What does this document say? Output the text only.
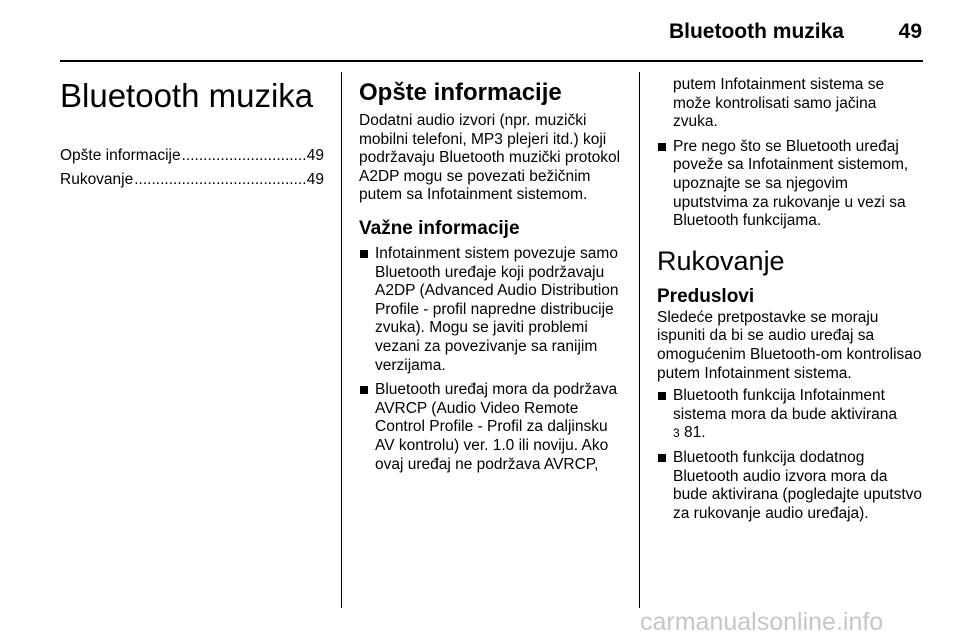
Bluetooth muzika	49
Bluetooth muzika
Opšte informacije .....	49
Rukovanje .....	49
Opšte informacije

Dodatni audio izvori (npr. muzički mobilni telefoni, MP3 plejeri itd.) koji podržavaju Bluetooth muzički protokol A2DP mogu se povezati bežičnim putem sa Infotainment sistemom.

Važne informacije
Infotainment sistem povezuje samo Bluetooth uređaje koji podržavaju A2DP (Advanced Audio Distribution Profile - profil napredne distribucije zvuka). Mogu se javiti problemi vezani za povezivanje sa ranijim verzijama.
Bluetooth uređaj mora da podržava AVRCP (Audio Video Remote Control Profile - Profil za daljinsku AV kontrolu) ver. 1.0 ili noviju. Ako ovaj uređaj ne podržava AVRCP,

putem Infotainment sistema se može kontrolisati samo jačina zvuka.

Pre nego što se Bluetooth uređaj poveže sa Infotainment sistemom, upoznajte se sa njegovim uputstvima za rukovanje u vezi sa Bluetooth funkcijama.
Rukovanje
Preduslovi

Sledeće pretpostavke se moraju ispuniti da bi se audio uređaj sa omogućenim Bluetooth-om kontrolisao putem Infotainment sistema.

Bluetooth funkcija Infotainment sistema mora da bude aktivirana
3 81.
Bluetooth funkcija dodatnog Bluetooth audio izvora mora da bude aktivirana (pogledajte uputstvo za rukovanje audio uređaja).
carmanualsonline.info
